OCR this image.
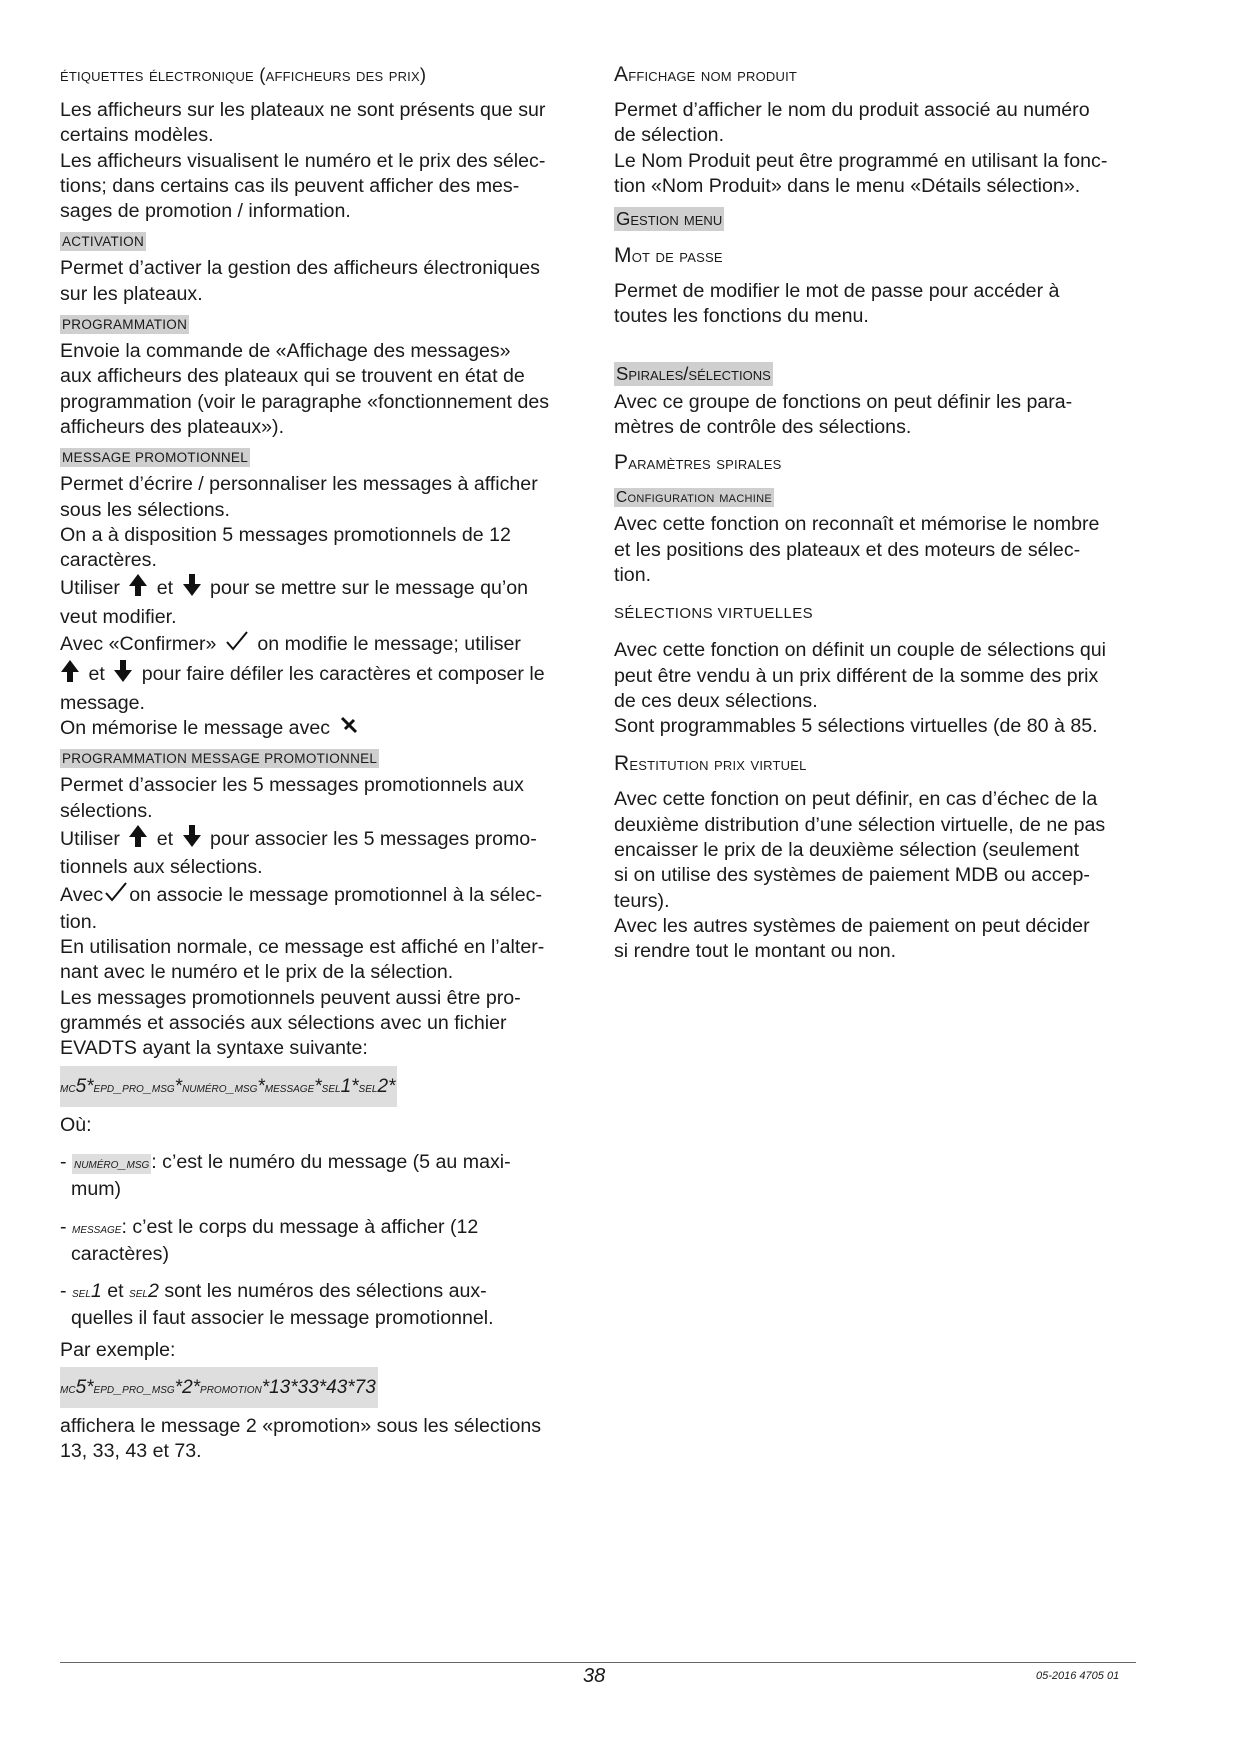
étiquettes électronique (afficheurs des prix)

Les afficheurs sur les plateaux ne sont présents que sur

certains modèles.

Les afficheurs visualisent le numéro et le prix des sélec-

tions; dans certains cas ils peuvent afficher des mes-

sages de promotion / information.

ACTIVATION

Permet d’activer la gestion des afficheurs électroniques

sur les plateaux.

PROGRAMMATION

Envoie la commande de «Affichage des messages»

aux afficheurs des plateaux qui se trouvent en état de

programmation (voir le paragraphe «fonctionnement des

afficheurs des plateaux»).

MESSAGE PROMOTIONNEL

Permet d’écrire / personnaliser les messages à afficher

sous les sélections.

On a à disposition 5 messages promotionnels de 12

caractères.

Utiliser et pour se mettre sur le message qu’on

veut modifier.

Avec «Confirmer» on modifie le message; utiliser

et pour faire défiler les caractères et composer le

message.

On mémorise le message avec

PROGRAMMATION MESSAGE PROMOTIONNEL

Permet d’associer les 5 messages promotionnels aux

sélections.

Utiliser et pour associer les 5 messages promo-

tionnels aux sélections.

Avec on associe le message promotionnel à la sélec-

tion.

En utilisation normale, ce message est affiché en l’alter-

nant avec le numéro et le prix de la sélection.

Les messages promotionnels peuvent aussi être pro-

grammés et associés aux sélections avec un fichier

EVADTS ayant la syntaxe suivante:

mc5*epd_pro_msg*numéro_msg*message*sel1*sel2*

Où:

- numéro_msg : c’est le numéro du message (5 au maxi-
mum)

- message: c’est le corps du message à afficher (12
caractères)

- sel1 et sel2 sont les numéros des sélections aux-
quelles il faut associer le message promotionnel.

Par exemple:

mc5*epd_pro_msg*2*promotion*13*33*43*73

affichera le message 2 «promotion» sous les sélections

13, 33, 43 et 73.

Affichage nom produit

Permet d’afficher le nom du produit associé au numéro

de sélection.

Le Nom Produit peut être programmé en utilisant la fonc-

tion «Nom Produit» dans le menu «Détails sélection».

Gestion menu
Mot de passe

Permet de modifier le mot de passe pour accéder à

toutes les fonctions du menu.

Spirales/sélections

Avec ce groupe de fonctions on peut définir les para-

mètres de contrôle des sélections.

Paramètres spirales
Configuration machine

Avec cette fonction on reconnaît et mémorise le nombre

et les positions des plateaux et des moteurs de sélec-

tion.

SÉLECTIONS VIRTUELLES

Avec cette fonction on définit un couple de sélections qui

peut être vendu à un prix différent de la somme des prix

de ces deux sélections.

Sont programmables 5 sélections virtuelles (de 80 à 85.

Restitution prix virtuel

Avec cette fonction on peut définir, en cas d’échec de la

deuxième distribution d’une sélection virtuelle, de ne pas

encaisser le prix de la deuxième sélection (seulement

si on utilise des systèmes de paiement MDB ou accep-

teurs).

Avec les autres systèmes de paiement on peut décider

si rendre tout le montant ou non.

38	05-2016 4705 01
